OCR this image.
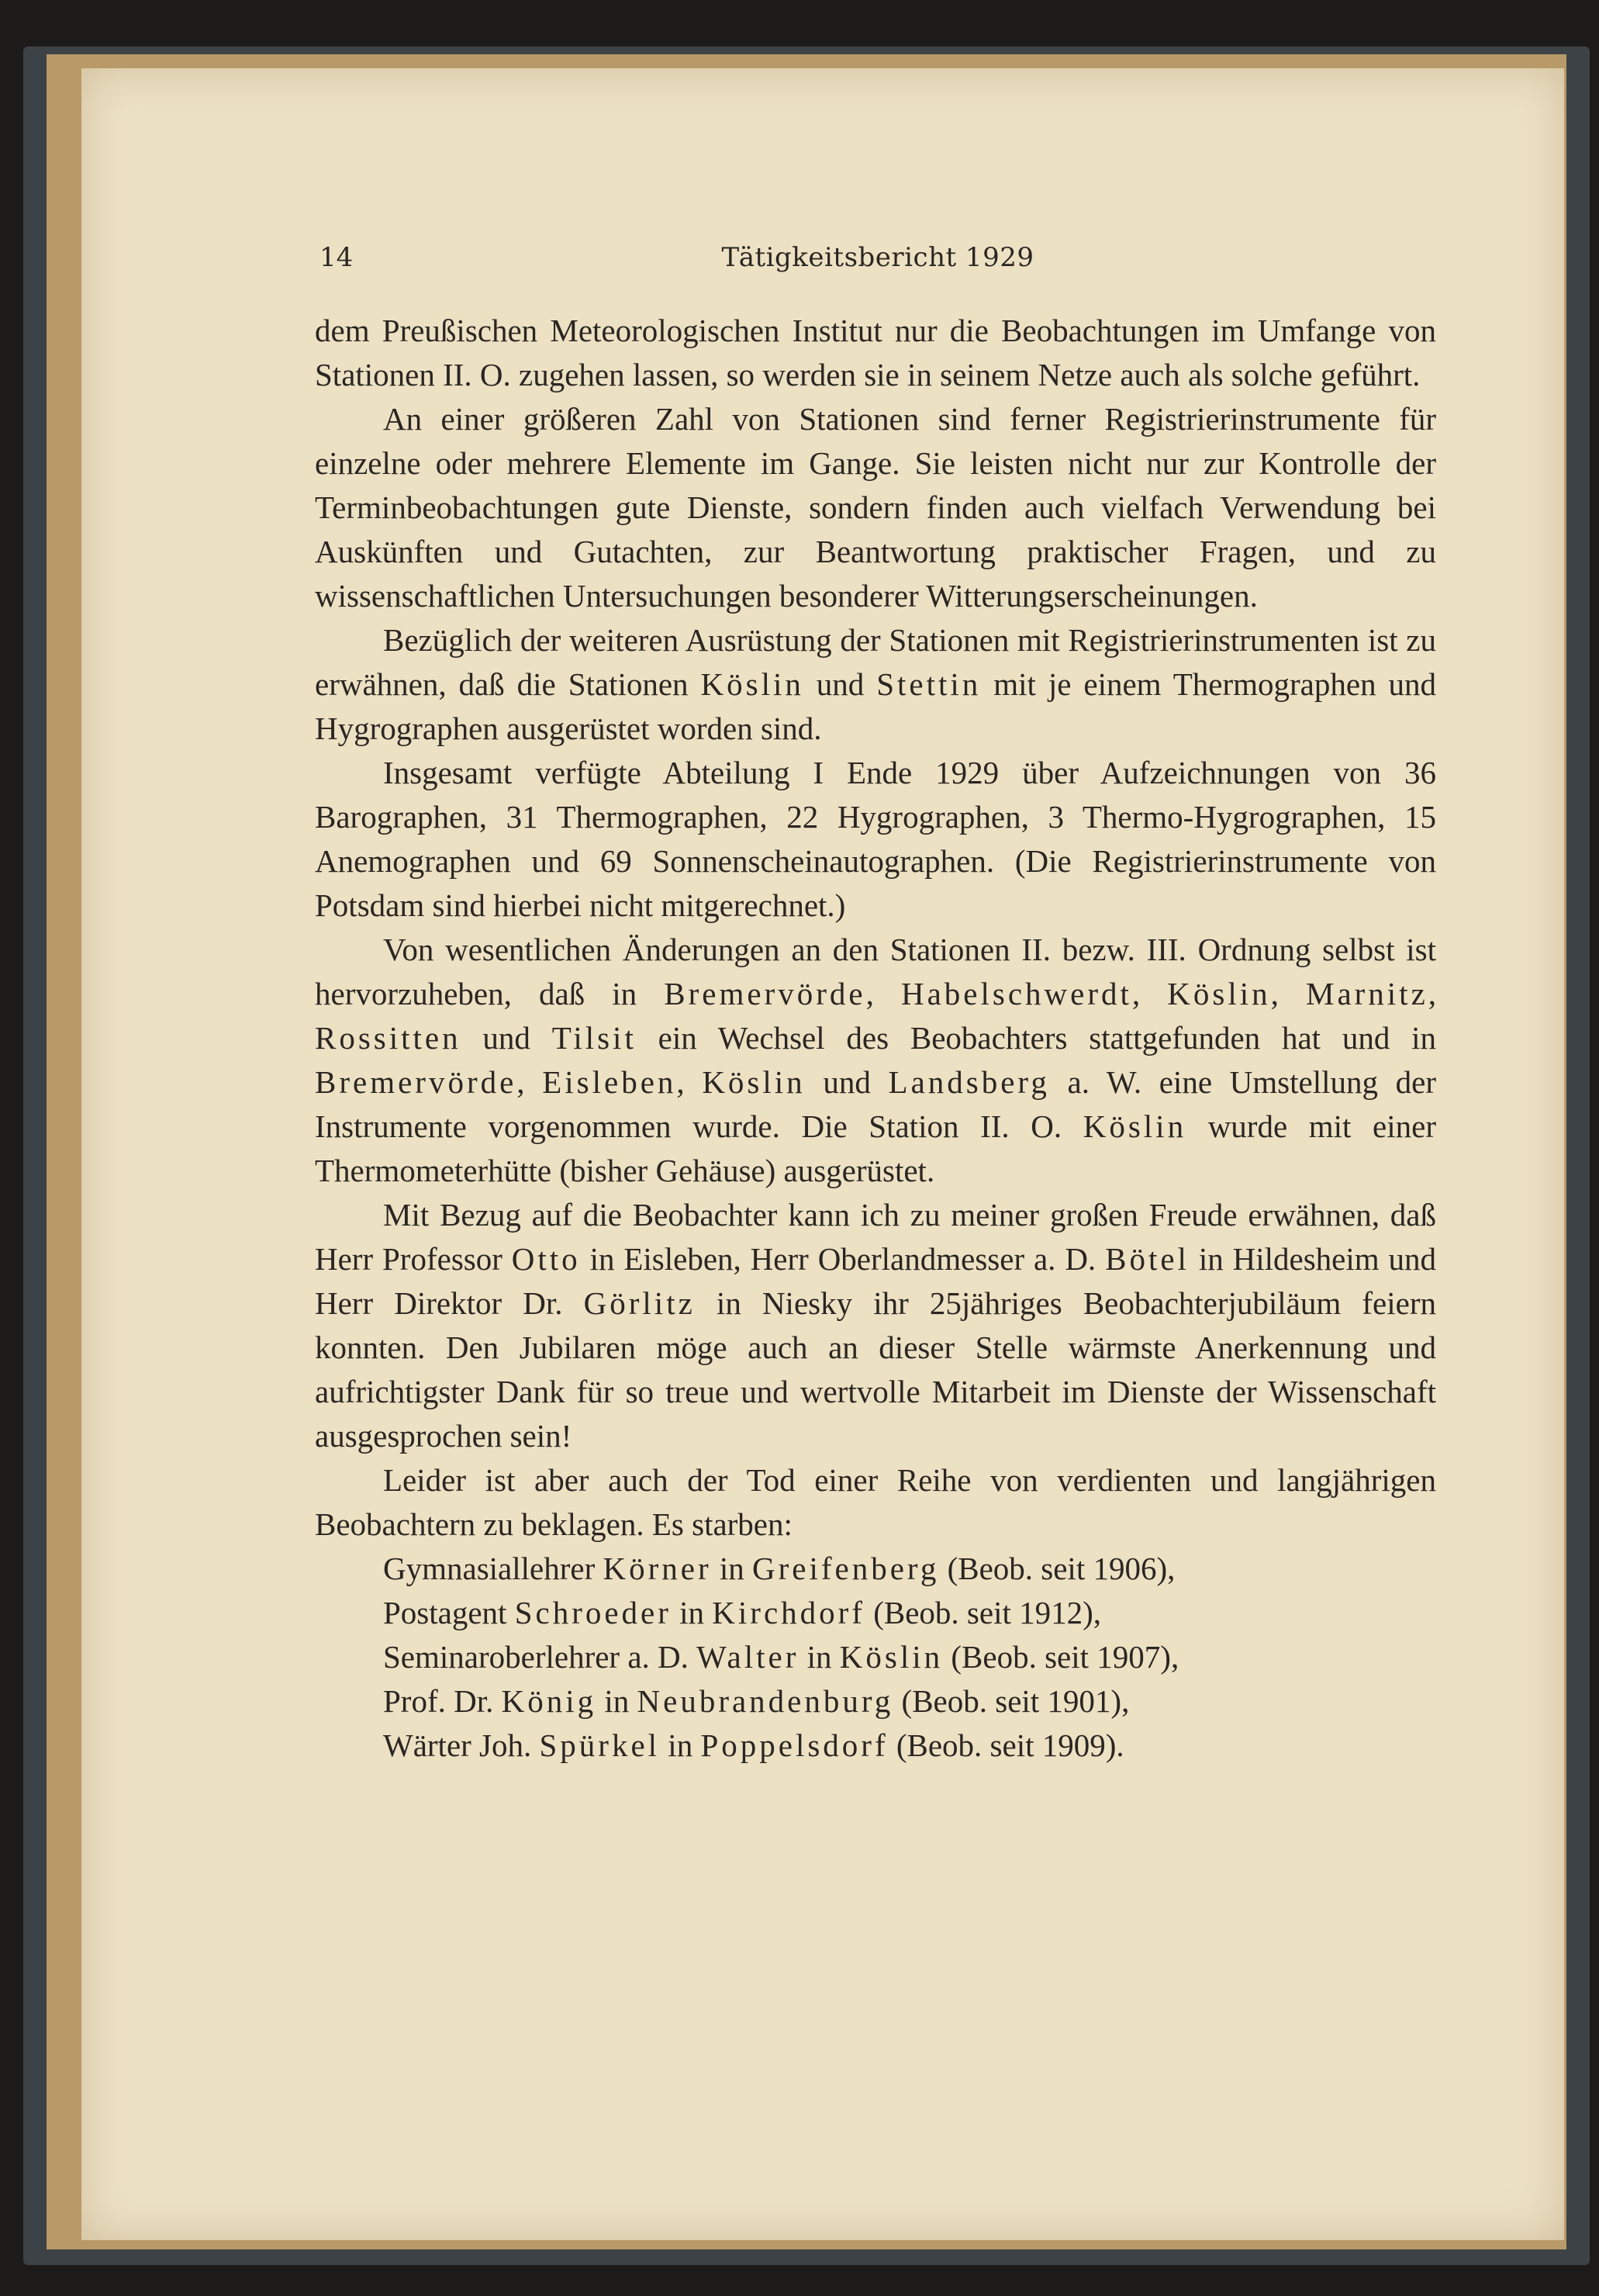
14	Tätigkeitsbericht 1929

dem Preußischen Meteorologischen Institut nur die Beobachtungen im Umfange von Stationen II. O. zugehen lassen, so werden sie in seinem Netze auch als solche geführt.

An einer größeren Zahl von Stationen sind ferner Registrierinstrumente für einzelne oder mehrere Elemente im Gange. Sie leisten nicht nur zur Kontrolle der Terminbeobachtungen gute Dienste, sondern finden auch vielfach Verwendung bei Auskünften und Gutachten, zur Beantwortung praktischer Fragen, und zu wissenschaftlichen Untersuchungen besonderer Witterungserscheinungen.

Bezüglich der weiteren Ausrüstung der Stationen mit Registrierinstrumenten ist zu erwähnen, daß die Stationen Köslin und Stettin mit je einem Thermographen und Hygrographen ausgerüstet worden sind.

Insgesamt verfügte Abteilung I Ende 1929 über Aufzeichnungen von 36 Barographen, 31 Thermographen, 22 Hygrographen, 3 Thermo-Hygrographen, 15 Anemographen und 69 Sonnenscheinautographen. (Die Registrierinstrumente von Potsdam sind hierbei nicht mitgerechnet.)

Von wesentlichen Änderungen an den Stationen II. bezw. III. Ordnung selbst ist hervorzuheben, daß in Bremervörde, Habelschwerdt, Köslin, Marnitz, Rossitten und Tilsit ein Wechsel des Beobachters stattgefunden hat und in Bremervörde, Eisleben, Köslin und Landsberg a. W. eine Umstellung der Instrumente vorgenommen wurde. Die Station II. O. Köslin wurde mit einer Thermometerhütte (bisher Gehäuse) ausgerüstet.

Mit Bezug auf die Beobachter kann ich zu meiner großen Freude erwähnen, daß Herr Professor Otto in Eisleben, Herr Oberlandmesser a. D. Bötel in Hildesheim und Herr Direktor Dr. Görlitz in Niesky ihr 25jähriges Beobachterjubiläum feiern konnten. Den Jubilaren möge auch an dieser Stelle wärmste Anerkennung und aufrichtigster Dank für so treue und wertvolle Mitarbeit im Dienste der Wissenschaft ausgesprochen sein!

Leider ist aber auch der Tod einer Reihe von verdienten und langjährigen Beobachtern zu beklagen. Es starben:

Gymnasiallehrer Körner in Greifenberg (Beob. seit 1906),
Postagent Schroeder in Kirchdorf (Beob. seit 1912),
Seminaroberlehrer a. D. Walter in Köslin (Beob. seit 1907),
Prof. Dr. König in Neubrandenburg (Beob. seit 1901),
Wärter Joh. Spürkel in Poppelsdorf (Beob. seit 1909).
